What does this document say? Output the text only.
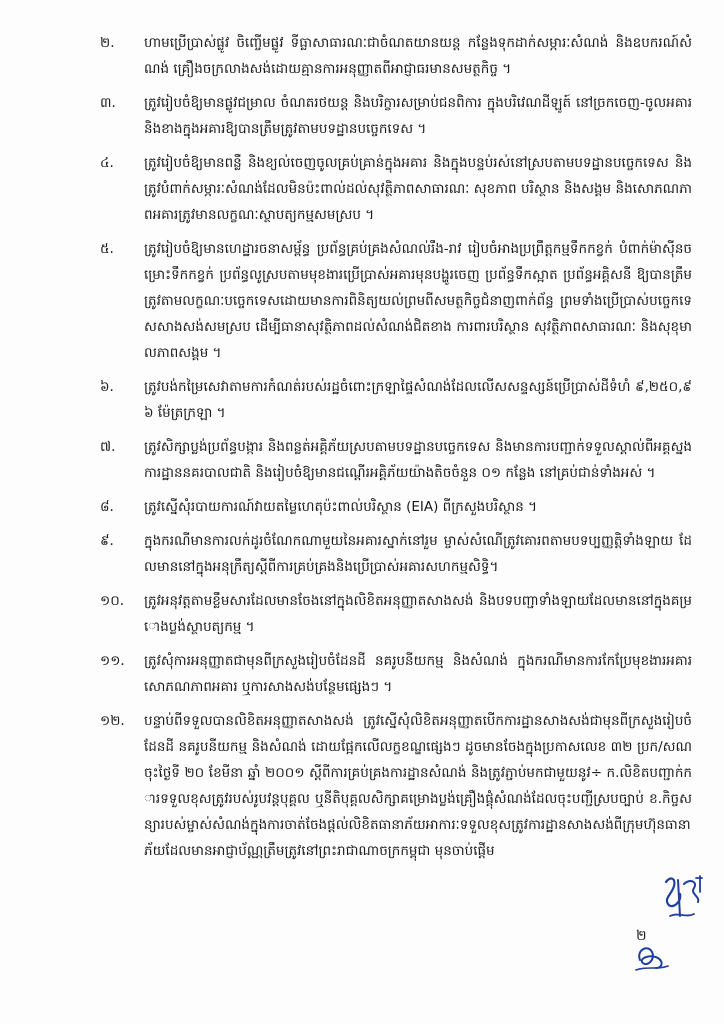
២.	ហាមប្រើប្រាស់ផ្លូវ ចិញ្ចើមផ្លូវ ទីធ្លាសាធារណៈជាចំណតយានយន្ត កន្លែងទុកដាក់សម្ភារៈសំណង់ និងឧបករណ៍សំណង់ គ្រឿងចក្រលាងសង់ដោយគ្មានការអនុញ្ញាតពីអាជ្ញាធរមានសមត្ថកិច្ច ។
៣.	ត្រូវរៀបចំឱ្យមានផ្លូវជម្រាល ចំណតរថយន្ត និងបរិក្ខារសម្រាប់ជនពិការ ក្នុងបរិវេណដីឡូត៍ នៅច្រកចេញ-ចូលអគារ និងខាងក្នុងអគារឱ្យបានត្រឹមត្រូវតាមបទដ្ឋានបច្ចេកទេស ។
៤.	ត្រូវរៀបចំឱ្យមានពន្លឺ និងខ្យល់ចេញចូលគ្រប់គ្រាន់ក្នុងអគារ និងក្នុងបន្ទប់រស់នៅស្របតាមបទដ្ឋានបច្ចេកទេស និងត្រូវបំពាក់សម្ភារៈសំណង់ដែលមិនប៉ះពាល់ដល់សុវត្ថិភាពសាធារណៈ សុខភាព បរិស្ថាន និងសង្គម និងសោភណភាពអគារត្រូវមានលក្ខណៈស្ថាបត្យកម្មសមស្រប ។
៥.	ត្រូវរៀបចំឱ្យមានហេដ្ឋារចនាសម្ព័ន្ធ ប្រព័ន្ធគ្រប់គ្រងសំណល់រឹង-រាវ រៀបចំអាងប្រព្រឹត្តកម្មទឹកកខ្វក់ បំពាក់ម៉ាស៊ីនចម្រោះទឹកកខ្វក់ ប្រព័ន្ធលូស្របតាមមុខងារប្រើប្រាស់អគារមុនបង្ហូរចេញ ប្រព័ន្ធទឹកស្អាត ប្រព័ន្ធអគ្គិសនី ឱ្យបានត្រឹមត្រូវតាមលក្ខណៈបច្ចេកទេសដោយមានការពិនិត្យយល់ព្រមពីសមត្ថកិច្ចជំនាញពាក់ព័ន្ធ ព្រមទាំងប្រើប្រាស់បច្ចេកទេសសាងសង់សមស្រប ដើម្បីធានាសុវត្ថិភាពដល់សំណង់ជិតខាង ការពារបរិស្ថាន សុវត្ថិភាពសាធារណៈ និងសុខុមាលភាពសង្គម ។
៦.	ត្រូវបង់កម្រៃសេវាតាមការកំណត់របស់រដ្ឋចំពោះក្រឡាផ្ទៃសំណង់ដែលលើសសន្ទស្សន៍ប្រើប្រាស់ដីទំហំ ៩,២៥០,៩៦ ម៉ែត្រក្រឡា ។
៧.	ត្រូវសិក្សាប្លង់ប្រព័ន្ធបង្ការ និងពន្លត់អគ្គិភ័យស្របតាមបទដ្ឋានបច្ចេកទេស និងមានការបញ្ជាក់ទទួលស្គាល់ពីអគ្គស្នងការដ្ឋាននគរបាលជាតិ និងរៀបចំឱ្យមានជណ្ដើរអគ្គិភ័យយ៉ាងតិចចំនួន ០១ កន្លែង នៅគ្រប់ជាន់ទាំងអស់ ។
៨.	ត្រូវស្នើសុំរបាយការណ៍វាយតម្លៃហេតុប៉ះពាល់បរិស្ថាន (EIA) ពីក្រសួងបរិស្ថាន ។
៩.	ក្នុងករណីមានការលក់ដូរចំណែកណាមួយនៃអគារស្នាក់នៅរួម ម្ចាស់សំណើត្រូវគោរពតាមបទប្បញ្ញត្តិទាំងឡាយ ដែលមាននៅក្នុងអនុក្រឹត្យស្តីពីការគ្រប់គ្រងនិងប្រើប្រាស់អគារសហកម្មសិទ្ធិ។
១០.	ត្រូវអនុវត្តតាមខ្លឹមសារដែលមានចែងនៅក្នុងលិខិតអនុញ្ញាតសាងសង់ និងបទបញ្ជាទាំងឡាយដែលមាននៅក្នុងគម្រោងប្លង់ស្ថាបត្យកម្ម ។
១១.	ត្រូវសុំការអនុញ្ញាតជាមុនពីក្រសួងរៀបចំដែនដី នគរូបនីយកម្ម និងសំណង់ ក្នុងករណីមានការកែប្រែមុខងារអគារ សោភណភាពអគារ ឬការសាងសង់បន្ថែមផ្សេងៗ ។
១២.	បន្ទាប់ពីទទួលបានលិខិតអនុញ្ញាតសាងសង់ ត្រូវស្នើសុំលិខិតអនុញ្ញាតបើកការដ្ឋានសាងសង់ជាមុនពីក្រសួងរៀបចំដែនដី នគរូបនីយកម្ម និងសំណង់ ដោយផ្អែកលើលក្ខខណ្ឌផ្សេងៗ ដូចមានចែងក្នុងប្រកាសលេខ ៣២ ប្រក/សណ ចុះថ្ងៃទី ២០ ខែមីនា ឆ្នាំ ២០០១ ស្ដីពីការគ្រប់គ្រងការដ្ឋានសំណង់ និងត្រូវភ្ជាប់មកជាមួយនូវ÷ ក.លិខិតបញ្ជាក់ការទទួលខុសត្រូវរបស់រូបវន្តបុគ្គល ឬនីតិបុគ្គលសិក្សាគម្រោងប្លង់គ្រឿងផ្គុំសំណង់ដែលចុះបញ្ជីស្របច្បាប់ ខ.កិច្ចសន្យារបស់ម្ចាស់សំណង់ក្នុងការចាត់ចែងផ្ដល់លិខិតធានាភ័យអាការៈទទួលខុសត្រូវការដ្ឋានសាងសង់ពីក្រុមហ៊ុនធានាភ័យដែលមានអាជ្ញាប័ណ្ណត្រឹមត្រូវនៅព្រះរាជាណាចក្រកម្ពុជា មុនចាប់ផ្ដើម
២
